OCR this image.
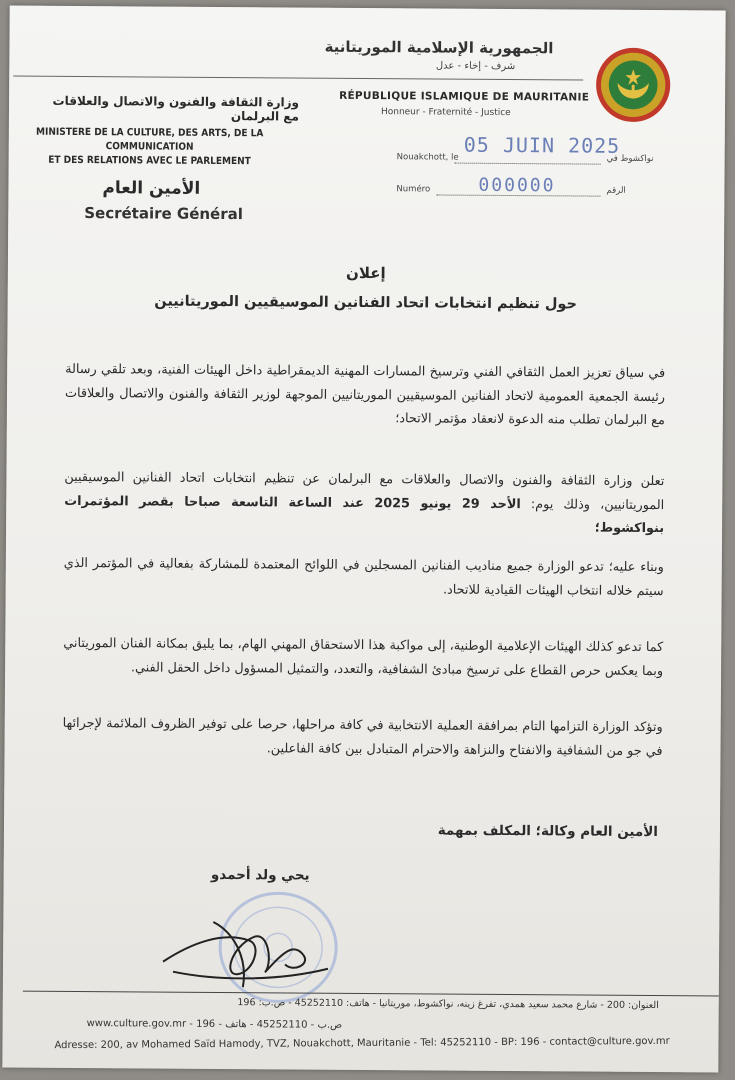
الجمهورية الإسلامية الموريتانية
شرف - إخاء - عدل
RÉPUBLIQUE ISLAMIQUE DE MAURITANIE
Honneur - Fraternité - Justice
وزارة الثقافة والفنون والاتصال والعلاقات مع البرلمان
MINISTERE DE LA CULTURE, DES ARTS, DE LA COMMUNICATION
ET DES RELATIONS AVEC LE PARLEMENT
الأمين العام
Secrétaire Général
Nouakchott, le	نواكشوط في
05 JUIN 2025
Numéro	الرقم
000000
إعلان
حول تنظيم انتخابات اتحاد الفنانين الموسيقيين الموريتانيين
في سياق تعزيز العمل الثقافي الفني وترسيخ المسارات المهنية الديمقراطية داخل الهيئات الفنية، وبعد تلقي رسالة رئيسة الجمعية العمومية لاتحاد الفنانين الموسيقيين الموريتانيين الموجهة لوزير الثقافة والفنون والاتصال والعلاقات مع البرلمان تطلب منه الدعوة لانعقاد مؤتمر الاتحاد؛
تعلن وزارة الثقافة والفنون والاتصال والعلاقات مع البرلمان عن تنظيم انتخابات اتحاد الفنانين الموسيقيين الموريتانيين، وذلك يوم: الأحد 29 يونيو 2025 عند الساعة التاسعة صباحا بقصر المؤتمرات بنواكشوط؛
وبناء عليه؛ تدعو الوزارة جميع مناديب الفنانين المسجلين في اللوائح المعتمدة للمشاركة بفعالية في المؤتمر الذي سيتم خلاله انتخاب الهيئات القيادية للاتحاد.
كما تدعو كذلك الهيئات الإعلامية الوطنية، إلى مواكبة هذا الاستحقاق المهني الهام، بما يليق بمكانة الفنان الموريتاني وبما يعكس حرص القطاع على ترسيخ مبادئ الشفافية، والتعدد، والتمثيل المسؤول داخل الحقل الفني.
وتؤكد الوزارة التزامها التام بمرافقة العملية الانتخابية في كافة مراحلها، حرصا على توفير الظروف الملائمة لإجرائها في جو من الشفافية والانفتاح والنزاهة والاحترام المتبادل بين كافة الفاعلين.
الأمين العام وكالة؛ المكلف بمهمة
يحي ولد أحمدو
العنوان: 200 - شارع محمد سعيد همدي، تفرغ زينه، نواكشوط، موريتانيا - هاتف: 45252110 - ص.ب: 196
www.culture.gov.mr - 196 - ص.ب - 45252110 - هاتف
Adresse: 200, av Mohamed Saïd Hamody, TVZ, Nouakchott, Mauritanie - Tel: 45252110 - BP: 196 - contact@culture.gov.mr
